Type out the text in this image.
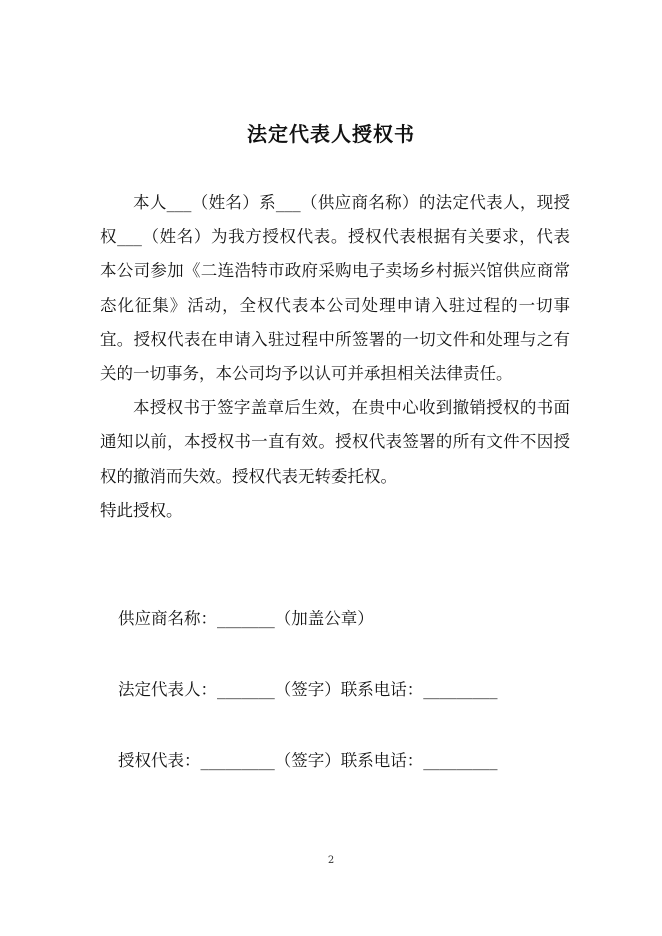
法定代表人授权书

本人___（姓名）系___（供应商名称）的法定代表人，现授权___（姓名）为我方授权代表。授权代表根据有关要求，代表本公司参加《二连浩特市政府采购电子卖场乡村振兴馆供应商常态化征集》活动，全权代表本公司处理申请入驻过程的一切事宜。授权代表在申请入驻过程中所签署的一切文件和处理与之有关的一切事务，本公司均予以认可并承担相关法律责任。

本授权书于签字盖章后生效，在贵中心收到撤销授权的书面通知以前，本授权书一直有效。授权代表签署的所有文件不因授权的撤消而失效。授权代表无转委托权。

特此授权。

供应商名称：_______（加盖公章）
法定代表人：_______（签字）联系电话：_________
授权代表：_________（签字）联系电话：_________
2
